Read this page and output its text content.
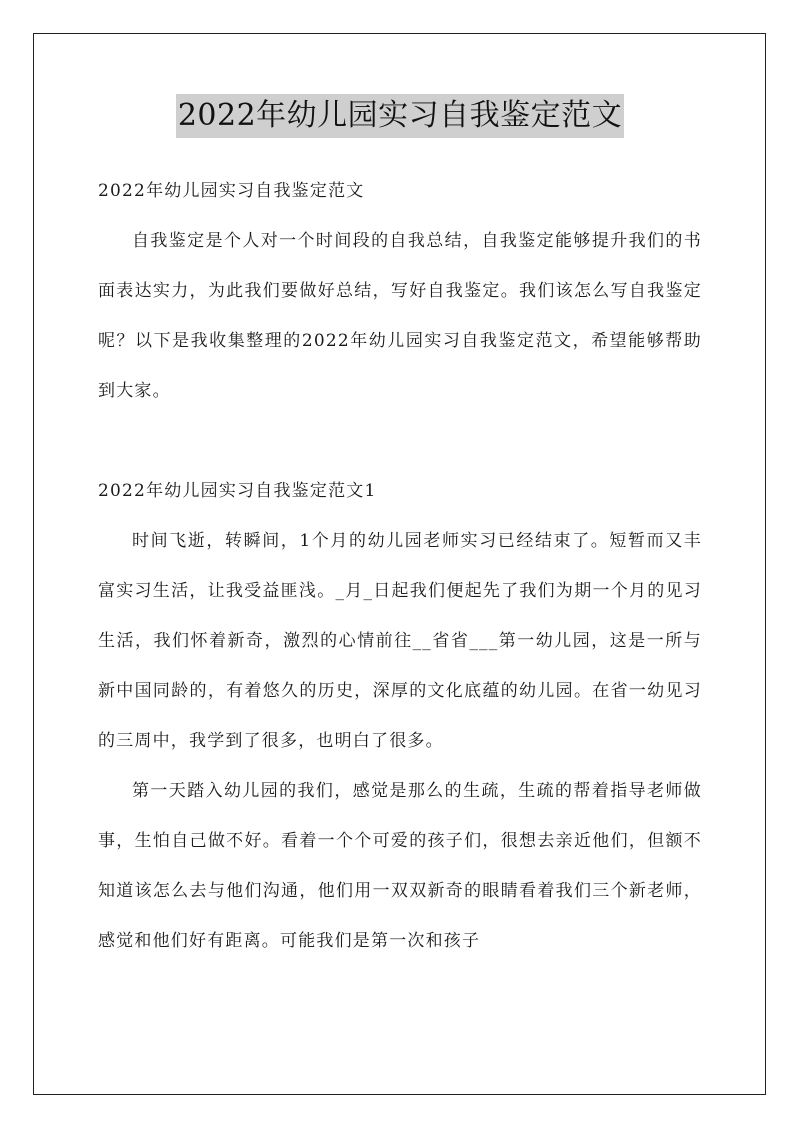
2022年幼儿园实习自我鉴定范文

2022年幼儿园实习自我鉴定范文

自我鉴定是个人对一个时间段的自我总结，自我鉴定能够提升我们的书面表达实力，为此我们要做好总结，写好自我鉴定。我们该怎么写自我鉴定呢？以下是我收集整理的2022年幼儿园实习自我鉴定范文，希望能够帮助到大家。

2022年幼儿园实习自我鉴定范文1

时间飞逝，转瞬间，1个月的幼儿园老师实习已经结束了。短暂而又丰富实习生活，让我受益匪浅。_月_日起我们便起先了我们为期一个月的见习生活，我们怀着新奇，激烈的心情前往__省省___第一幼儿园，这是一所与新中国同龄的，有着悠久的历史，深厚的文化底蕴的幼儿园。在省一幼见习的三周中，我学到了很多，也明白了很多。

第一天踏入幼儿园的我们，感觉是那么的生疏，生疏的帮着指导老师做事，生怕自己做不好。看着一个个可爱的孩子们，很想去亲近他们，但额不知道该怎么去与他们沟通，他们用一双双新奇的眼睛看着我们三个新老师，感觉和他们好有距离。可能我们是第一次和孩子
